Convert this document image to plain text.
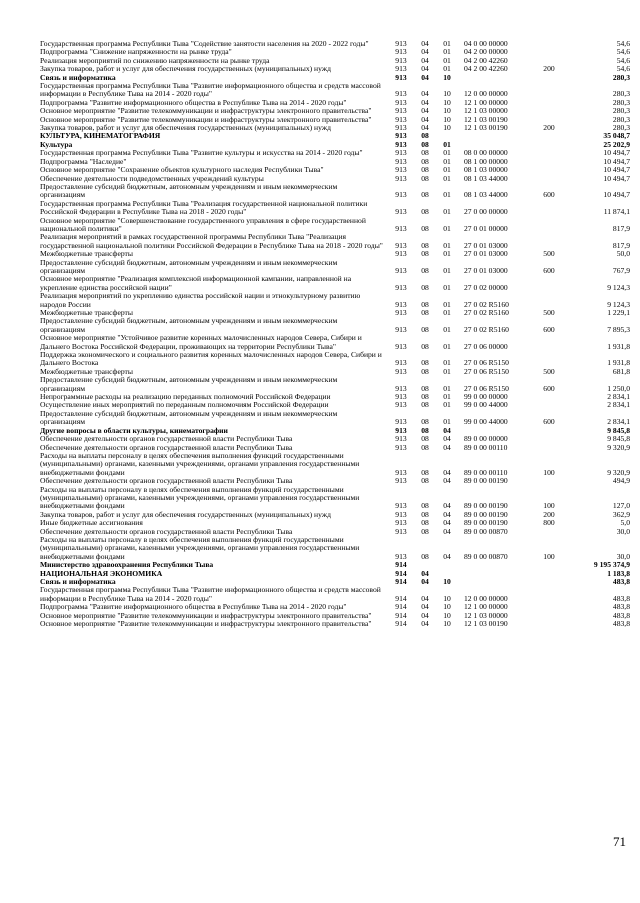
Государственная программа Республики Тыва "Содействие занятости населения на 2020 - 2022 годы"	913	04	01	04 0 00 00000	54,6
Подпрограмма "Снижение напряженности на рынке труда"	913	04	01	04 2 00 00000	54,6
Реализация мероприятий по снижению напряженности на рынке труда	913	04	01	04 2 00 42260	54,6
Закупка товаров, работ и услуг для обеспечения государственных (муниципальных) нужд	913	04	01	04 2 00 42260	200	54,6
Связь и информатика	913	04	10	280,3
Государственная программа Республики Тыва "Развитие информационного общества и средств массовой информации в Республике Тыва на 2014 - 2020 годы"	913	04	10	12 0 00 00000	280,3
Подпрограмма "Развитие информационного общества в Республике Тыва на 2014 - 2020 годы"	913	04	10	12 1 00 00000	280,3
Основное мероприятие "Развитие телекоммуникации и инфраструктуры электронного правительства"	913	04	10	12 1 03 00000	280,3
Основное мероприятие "Развитие телекоммуникации и инфраструктуры электронного правительства"	913	04	10	12 1 03 00190	280,3
Закупка товаров, работ и услуг для обеспечения государственных (муниципальных) нужд	913	04	10	12 1 03 00190	200	280,3
КУЛЬТУРА, КИНЕМАТОГРАФИЯ	913	08	35 048,7
Культура	913	08	01	25 202,9
Государственная программа Республики Тыва "Развитие культуры и искусства на 2014 - 2020 годы"	913	08	01	08 0 00 00000	10 494,7
Подпрограмма "Наследие"	913	08	01	08 1 00 00000	10 494,7
Основное мероприятие "Сохранение объектов культурного наследия Республики Тыва"	913	08	01	08 1 03 00000	10 494,7
Обеспечение деятельности подведомственных учреждений культуры	913	08	01	08 1 03 44000	10 494,7
Предоставление субсидий бюджетным, автономным учреждениям и иным некоммерческим организациям	913	08	01	08 1 03 44000	600	10 494,7
Государственная программа Республики Тыва "Реализация государственной национальной политики Российской Федерации в Республике Тыва на 2018 - 2020 годы"	913	08	01	27 0 00 00000	11 874,1
Основное мероприятие "Совершенствование государственного управления в сфере государственной национальной политики"	913	08	01	27 0 01 00000	817,9
Реализация мероприятий в рамках государственной программы Республики Тыва "Реализация государственной национальной политики Российской Федерации в Республике Тыва на 2018 - 2020 годы"	913	08	01	27 0 01 03000	817,9
Межбюджетные трансферты	913	08	01	27 0 01 03000	500	50,0
Предоставление субсидий бюджетным, автономным учреждениям и иным некоммерческим организациям	913	08	01	27 0 01 03000	600	767,9
Основное мероприятие "Реализация комплексной информационной кампании, направленной на укрепление единства российской нации"	913	08	01	27 0 02 00000	9 124,3
Реализация мероприятий по укреплению единства российской нации и этнокультурному развитию народов России	913	08	01	27 0 02 R5160	9 124,3
Межбюджетные трансферты	913	08	01	27 0 02 R5160	500	1 229,1
Предоставление субсидий бюджетным, автономным учреждениям и иным некоммерческим организациям	913	08	01	27 0 02 R5160	600	7 895,3
Основное мероприятие "Устойчивое развитие коренных малочисленных народов Севера, Сибири и Дальнего Востока Российской Федерации, проживающих на территории Республики Тыва"	913	08	01	27 0 06 00000	1 931,8
Поддержка экономического и социального развития коренных малочисленных народов Севера, Сибири и Дальнего Востока	913	08	01	27 0 06 R5150	1 931,8
Межбюджетные трансферты	913	08	01	27 0 06 R5150	500	681,8
Предоставление субсидий бюджетным, автономным учреждениям и иным некоммерческим организациям	913	08	01	27 0 06 R5150	600	1 250,0
Непрограммные расходы на реализацию переданных полномочий Российской Федерации	913	08	01	99 0 00 00000	2 834,1
Осуществление иных мероприятий по переданным полномочиям Российской Федерации	913	08	01	99 0 00 44000	2 834,1
Предоставление субсидий бюджетным, автономным учреждениям и иным некоммерческим организациям	913	08	01	99 0 00 44000	600	2 834,1
Другие вопросы в области культуры, кинематографии	913	08	04	9 845,8
Обеспечение деятельности органов государственной власти Республики Тыва	913	08	04	89 0 00 00000	9 845,8
Обеспечение деятельности органов государственной власти Республики Тыва	913	08	04	89 0 00 00110	9 320,9
Расходы на выплаты персоналу в целях обеспечения выполнения функций государственными (муниципальными) органами, казенными учреждениями, органами управления государственными внебюджетными фондами	913	08	04	89 0 00 00110	100	9 320,9
Обеспечение деятельности органов государственной власти Республики Тыва	913	08	04	89 0 00 00190	494,9
Расходы на выплаты персоналу в целях обеспечения выполнения функций государственными (муниципальными) органами, казенными учреждениями, органами управления государственными внебюджетными фондами	913	08	04	89 0 00 00190	100	127,0
Закупка товаров, работ и услуг для обеспечения государственных (муниципальных) нужд	913	08	04	89 0 00 00190	200	362,9
Иные бюджетные ассигнования	913	08	04	89 0 00 00190	800	5,0
Обеспечение деятельности органов государственной власти Республики Тыва	913	08	04	89 0 00 00870	30,0
Расходы на выплаты персоналу в целях обеспечения выполнения функций государственными (муниципальными) органами, казенными учреждениями, органами управления государственными внебюджетными фондами	913	08	04	89 0 00 00870	100	30,0
Министерство здравоохранения Республики Тыва	914	9 195 374,9
НАЦИОНАЛЬНАЯ ЭКОНОМИКА	914	04	1 183,8
Связь и информатика	914	04	10	483,8
Государственная программа Республики Тыва "Развитие информационного общества и средств массовой информации в Республике Тыва на 2014 - 2020 годы"	914	04	10	12 0 00 00000	483,8
Подпрограмма "Развитие информационного общества в Республике Тыва на 2014 - 2020 годы"	914	04	10	12 1 00 00000	483,8
Основное мероприятие "Развитие телекоммуникации и инфраструктуры электронного правительства"	914	04	10	12 1 03 00000	483,8
Основное мероприятие "Развитие телекоммуникации и инфраструктуры электронного правительства"	914	04	10	12 1 03 00190	483,8
71
